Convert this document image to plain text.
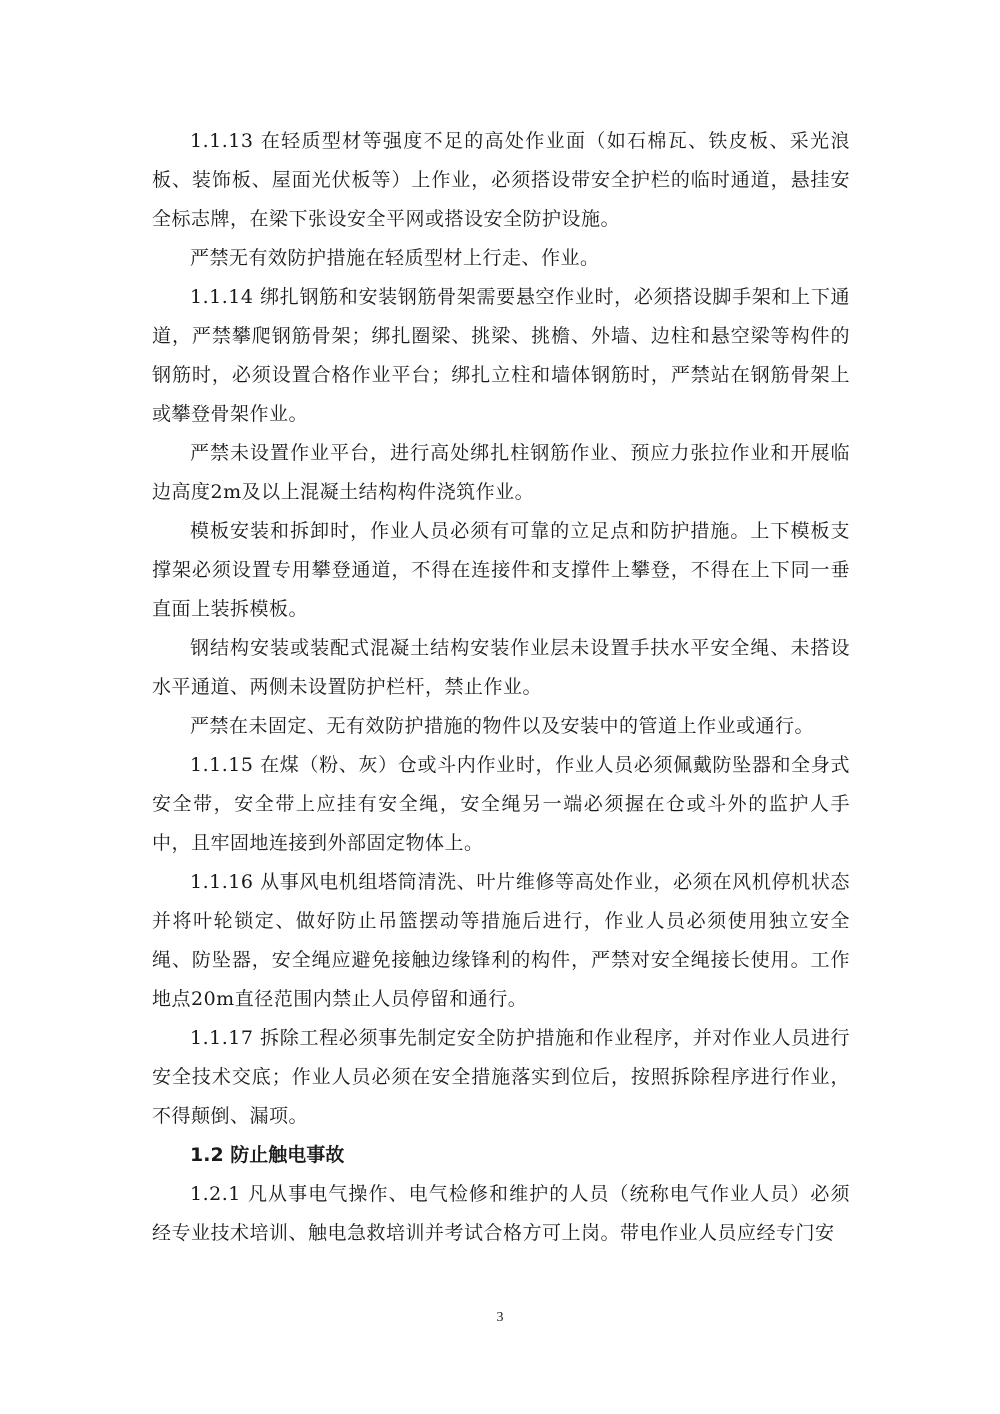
1.1.13 在轻质型材等强度不足的高处作业面（如石棉瓦、铁皮板、采光浪板、装饰板、屋面光伏板等）上作业，必须搭设带安全护栏的临时通道，悬挂安全标志牌，在梁下张设安全平网或搭设安全防护设施。

严禁无有效防护措施在轻质型材上行走、作业。

1.1.14 绑扎钢筋和安装钢筋骨架需要悬空作业时，必须搭设脚手架和上下通道，严禁攀爬钢筋骨架；绑扎圈梁、挑梁、挑檐、外墙、边柱和悬空梁等构件的钢筋时，必须设置合格作业平台；绑扎立柱和墙体钢筋时，严禁站在钢筋骨架上或攀登骨架作业。

严禁未设置作业平台，进行高处绑扎柱钢筋作业、预应力张拉作业和开展临边高度2m及以上混凝土结构构件浇筑作业。

模板安装和拆卸时，作业人员必须有可靠的立足点和防护措施。上下模板支撑架必须设置专用攀登通道，不得在连接件和支撑件上攀登，不得在上下同一垂直面上装拆模板。

钢结构安装或装配式混凝土结构安装作业层未设置手扶水平安全绳、未搭设水平通道、两侧未设置防护栏杆，禁止作业。

严禁在未固定、无有效防护措施的物件以及安装中的管道上作业或通行。

1.1.15 在煤（粉、灰）仓或斗内作业时，作业人员必须佩戴防坠器和全身式安全带，安全带上应挂有安全绳，安全绳另一端必须握在仓或斗外的监护人手中，且牢固地连接到外部固定物体上。

1.1.16 从事风电机组塔筒清洗、叶片维修等高处作业，必须在风机停机状态并将叶轮锁定、做好防止吊篮摆动等措施后进行，作业人员必须使用独立安全绳、防坠器，安全绳应避免接触边缘锋利的构件，严禁对安全绳接长使用。工作地点20m直径范围内禁止人员停留和通行。

1.1.17 拆除工程必须事先制定安全防护措施和作业程序，并对作业人员进行安全技术交底；作业人员必须在安全措施落实到位后，按照拆除程序进行作业，不得颠倒、漏项。

1.2 防止触电事故

1.2.1 凡从事电气操作、电气检修和维护的人员（统称电气作业人员）必须经专业技术培训、触电急救培训并考试合格方可上岗。带电作业人员应经专门安

3
